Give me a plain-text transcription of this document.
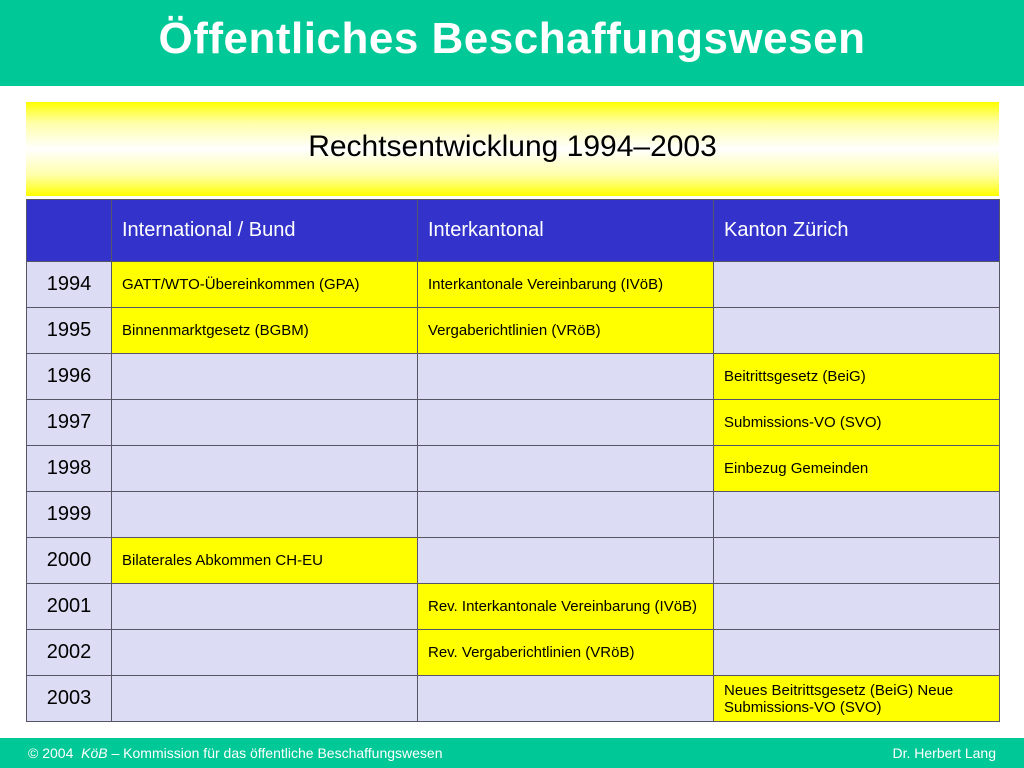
Öffentliches Beschaffungswesen
Rechtsentwicklung 1994–2003
	International / Bund	Interkantonal	Kanton Zürich
1994	GATT/WTO-Übereinkommen (GPA)	Interkantonale Vereinbarung (IVöB)	
1995	Binnenmarktgesetz (BGBM)	Vergaberichtlinien (VRöB)	
1996			Beitrittsgesetz (BeiG)
1997			Submissions-VO (SVO)
1998			Einbezug Gemeinden
1999			
2000	Bilaterales Abkommen CH-EU		
2001		Rev. Interkantonale Vereinbarung (IVöB)	
2002		Rev. Vergaberichtlinien (VRöB)	
2003			Neues Beitrittsgesetz (BeiG) Neue Submissions-VO (SVO)
© 2004 KöB – Kommission für das öffentliche Beschaffungswesen	Dr. Herbert Lang
